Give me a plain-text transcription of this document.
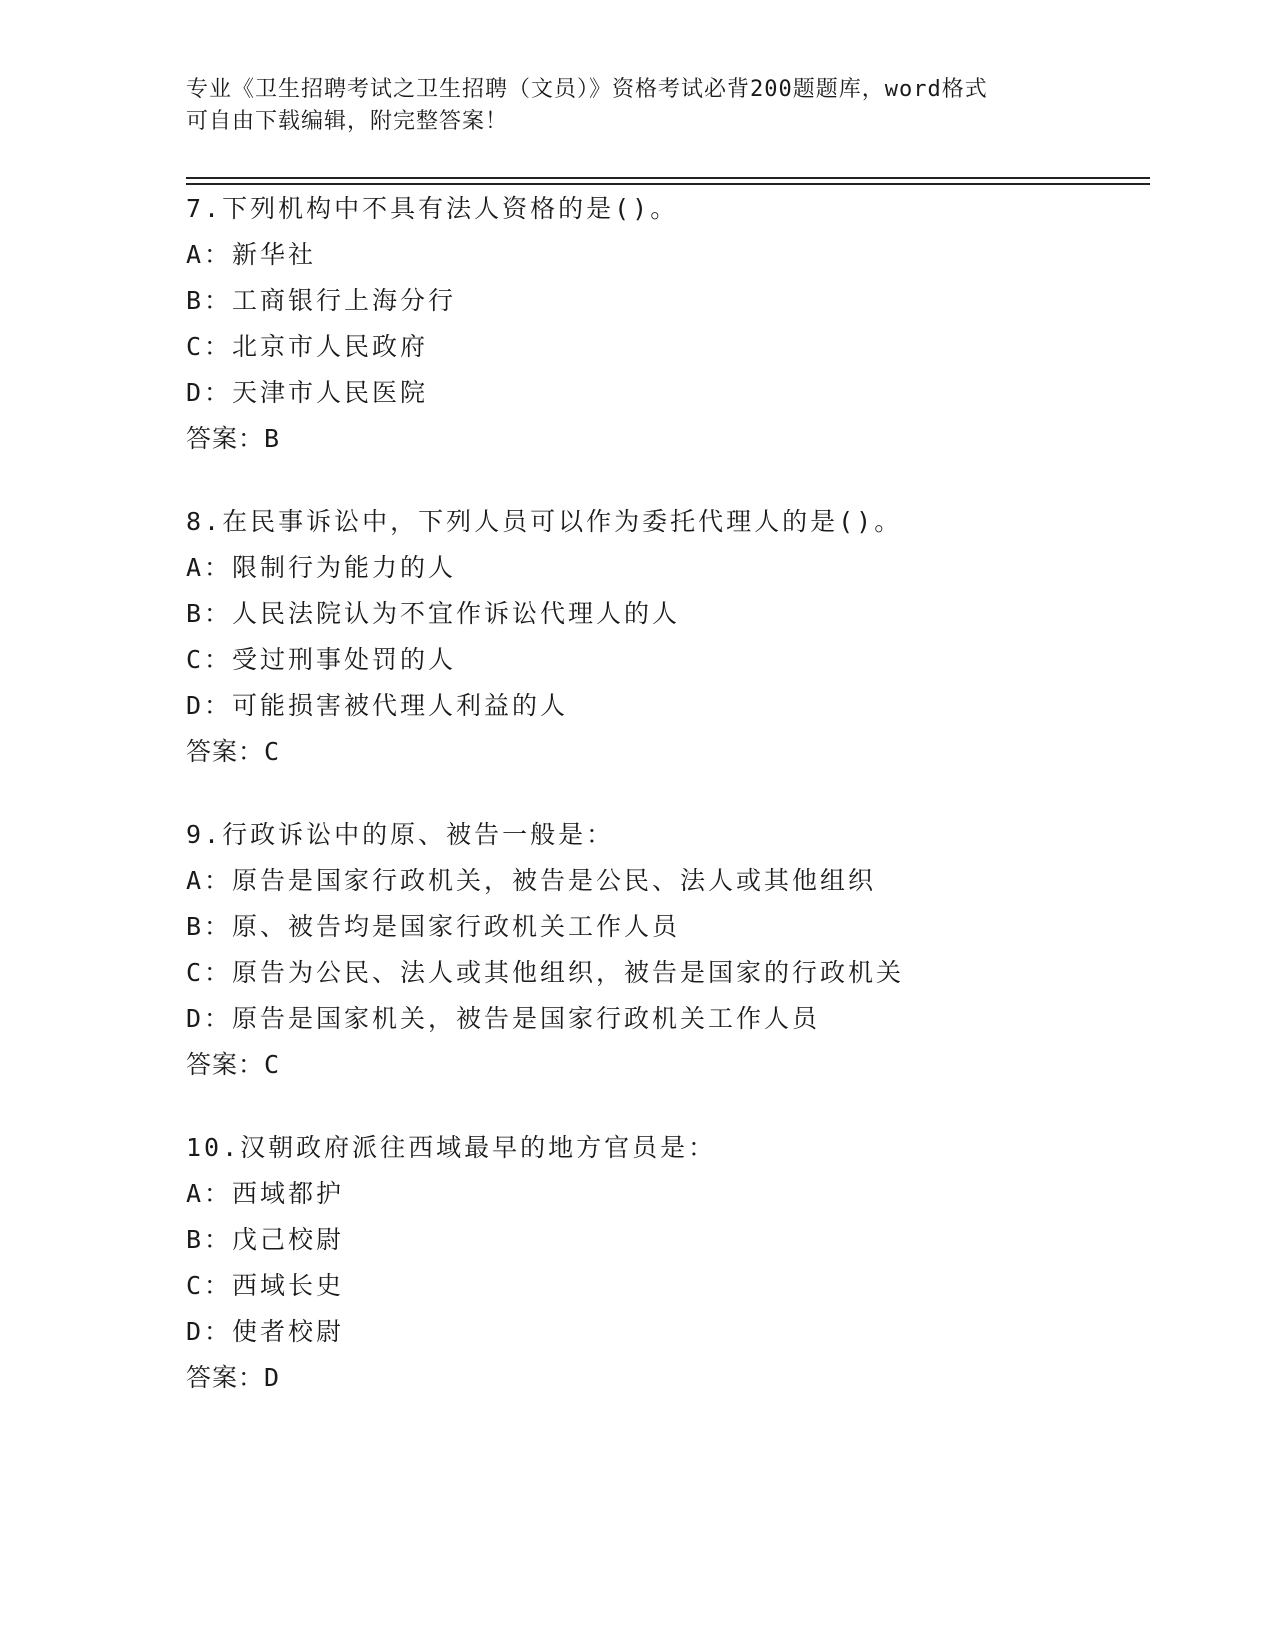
专业《卫生招聘考试之卫生招聘（文员）》资格考试必背200题题库，word格式
可自由下载编辑，附完整答案！
7.下列机构中不具有法人资格的是()。
A：新华社
B：工商银行上海分行
C：北京市人民政府
D：天津市人民医院
答案：B
8.在民事诉讼中，下列人员可以作为委托代理人的是()。
A：限制行为能力的人
B：人民法院认为不宜作诉讼代理人的人
C：受过刑事处罚的人
D：可能损害被代理人利益的人
答案：C
9.行政诉讼中的原、被告一般是：
A：原告是国家行政机关，被告是公民、法人或其他组织
B：原、被告均是国家行政机关工作人员
C：原告为公民、法人或其他组织，被告是国家的行政机关
D：原告是国家机关，被告是国家行政机关工作人员
答案：C
10.汉朝政府派往西域最早的地方官员是：
A：西域都护
B：戊己校尉
C：西域长史
D：使者校尉
答案：D
